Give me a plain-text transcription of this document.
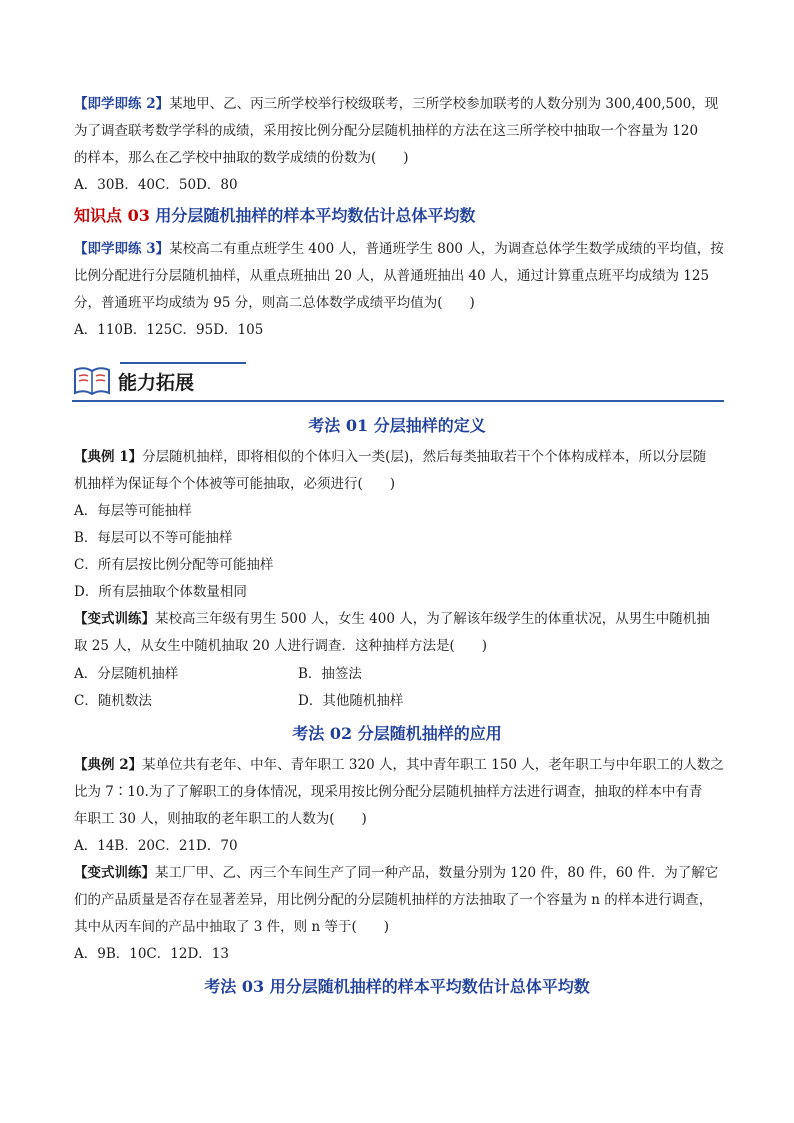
【即学即练 2】某地甲、乙、丙三所学校举行校级联考，三所学校参加联考的人数分别为 300,400,500，现
为了调查联考数学学科的成绩，采用按比例分配分层随机抽样的方法在这三所学校中抽取一个容量为 120
的样本，那么在乙学校中抽取的数学成绩的份数为(　　)
A．30B．40C．50D．80
知识点 03 用分层随机抽样的样本平均数估计总体平均数
【即学即练 3】某校高二有重点班学生 400 人，普通班学生 800 人，为调查总体学生数学成绩的平均值，按
比例分配进行分层随机抽样，从重点班抽出 20 人，从普通班抽出 40 人，通过计算重点班平均成绩为 125
分，普通班平均成绩为 95 分，则高二总体数学成绩平均值为(　　)
A．110B．125C．95D．105
能力拓展
考法 01 分层抽样的定义
【典例 1】分层随机抽样，即将相似的个体归入一类(层)，然后每类抽取若干个个体构成样本，所以分层随
机抽样为保证每个个体被等可能抽取，必须进行(　　)
A．每层等可能抽样
B．每层可以不等可能抽样
C．所有层按比例分配等可能抽样
D．所有层抽取个体数量相同
【变式训练】某校高三年级有男生 500 人，女生 400 人，为了解该年级学生的体重状况，从男生中随机抽
取 25 人，从女生中随机抽取 20 人进行调查．这种抽样方法是(　　)
A．分层随机抽样	B．抽签法
C．随机数法	D．其他随机抽样
考法 02 分层随机抽样的应用
【典例 2】某单位共有老年、中年、青年职工 320 人，其中青年职工 150 人，老年职工与中年职工的人数之
比为 7∶10.为了了解职工的身体情况，现采用按比例分配分层随机抽样方法进行调查，抽取的样本中有青
年职工 30 人，则抽取的老年职工的人数为(　　)
A．14B．20C．21D．70
【变式训练】某工厂甲、乙、丙三个车间生产了同一种产品，数量分别为 120 件，80 件，60 件．为了解它
们的产品质量是否存在显著差异，用比例分配的分层随机抽样的方法抽取了一个容量为 n 的样本进行调查，
其中从丙车间的产品中抽取了 3 件，则 n 等于(　　)
A．9B．10C．12D．13
考法 03 用分层随机抽样的样本平均数估计总体平均数
